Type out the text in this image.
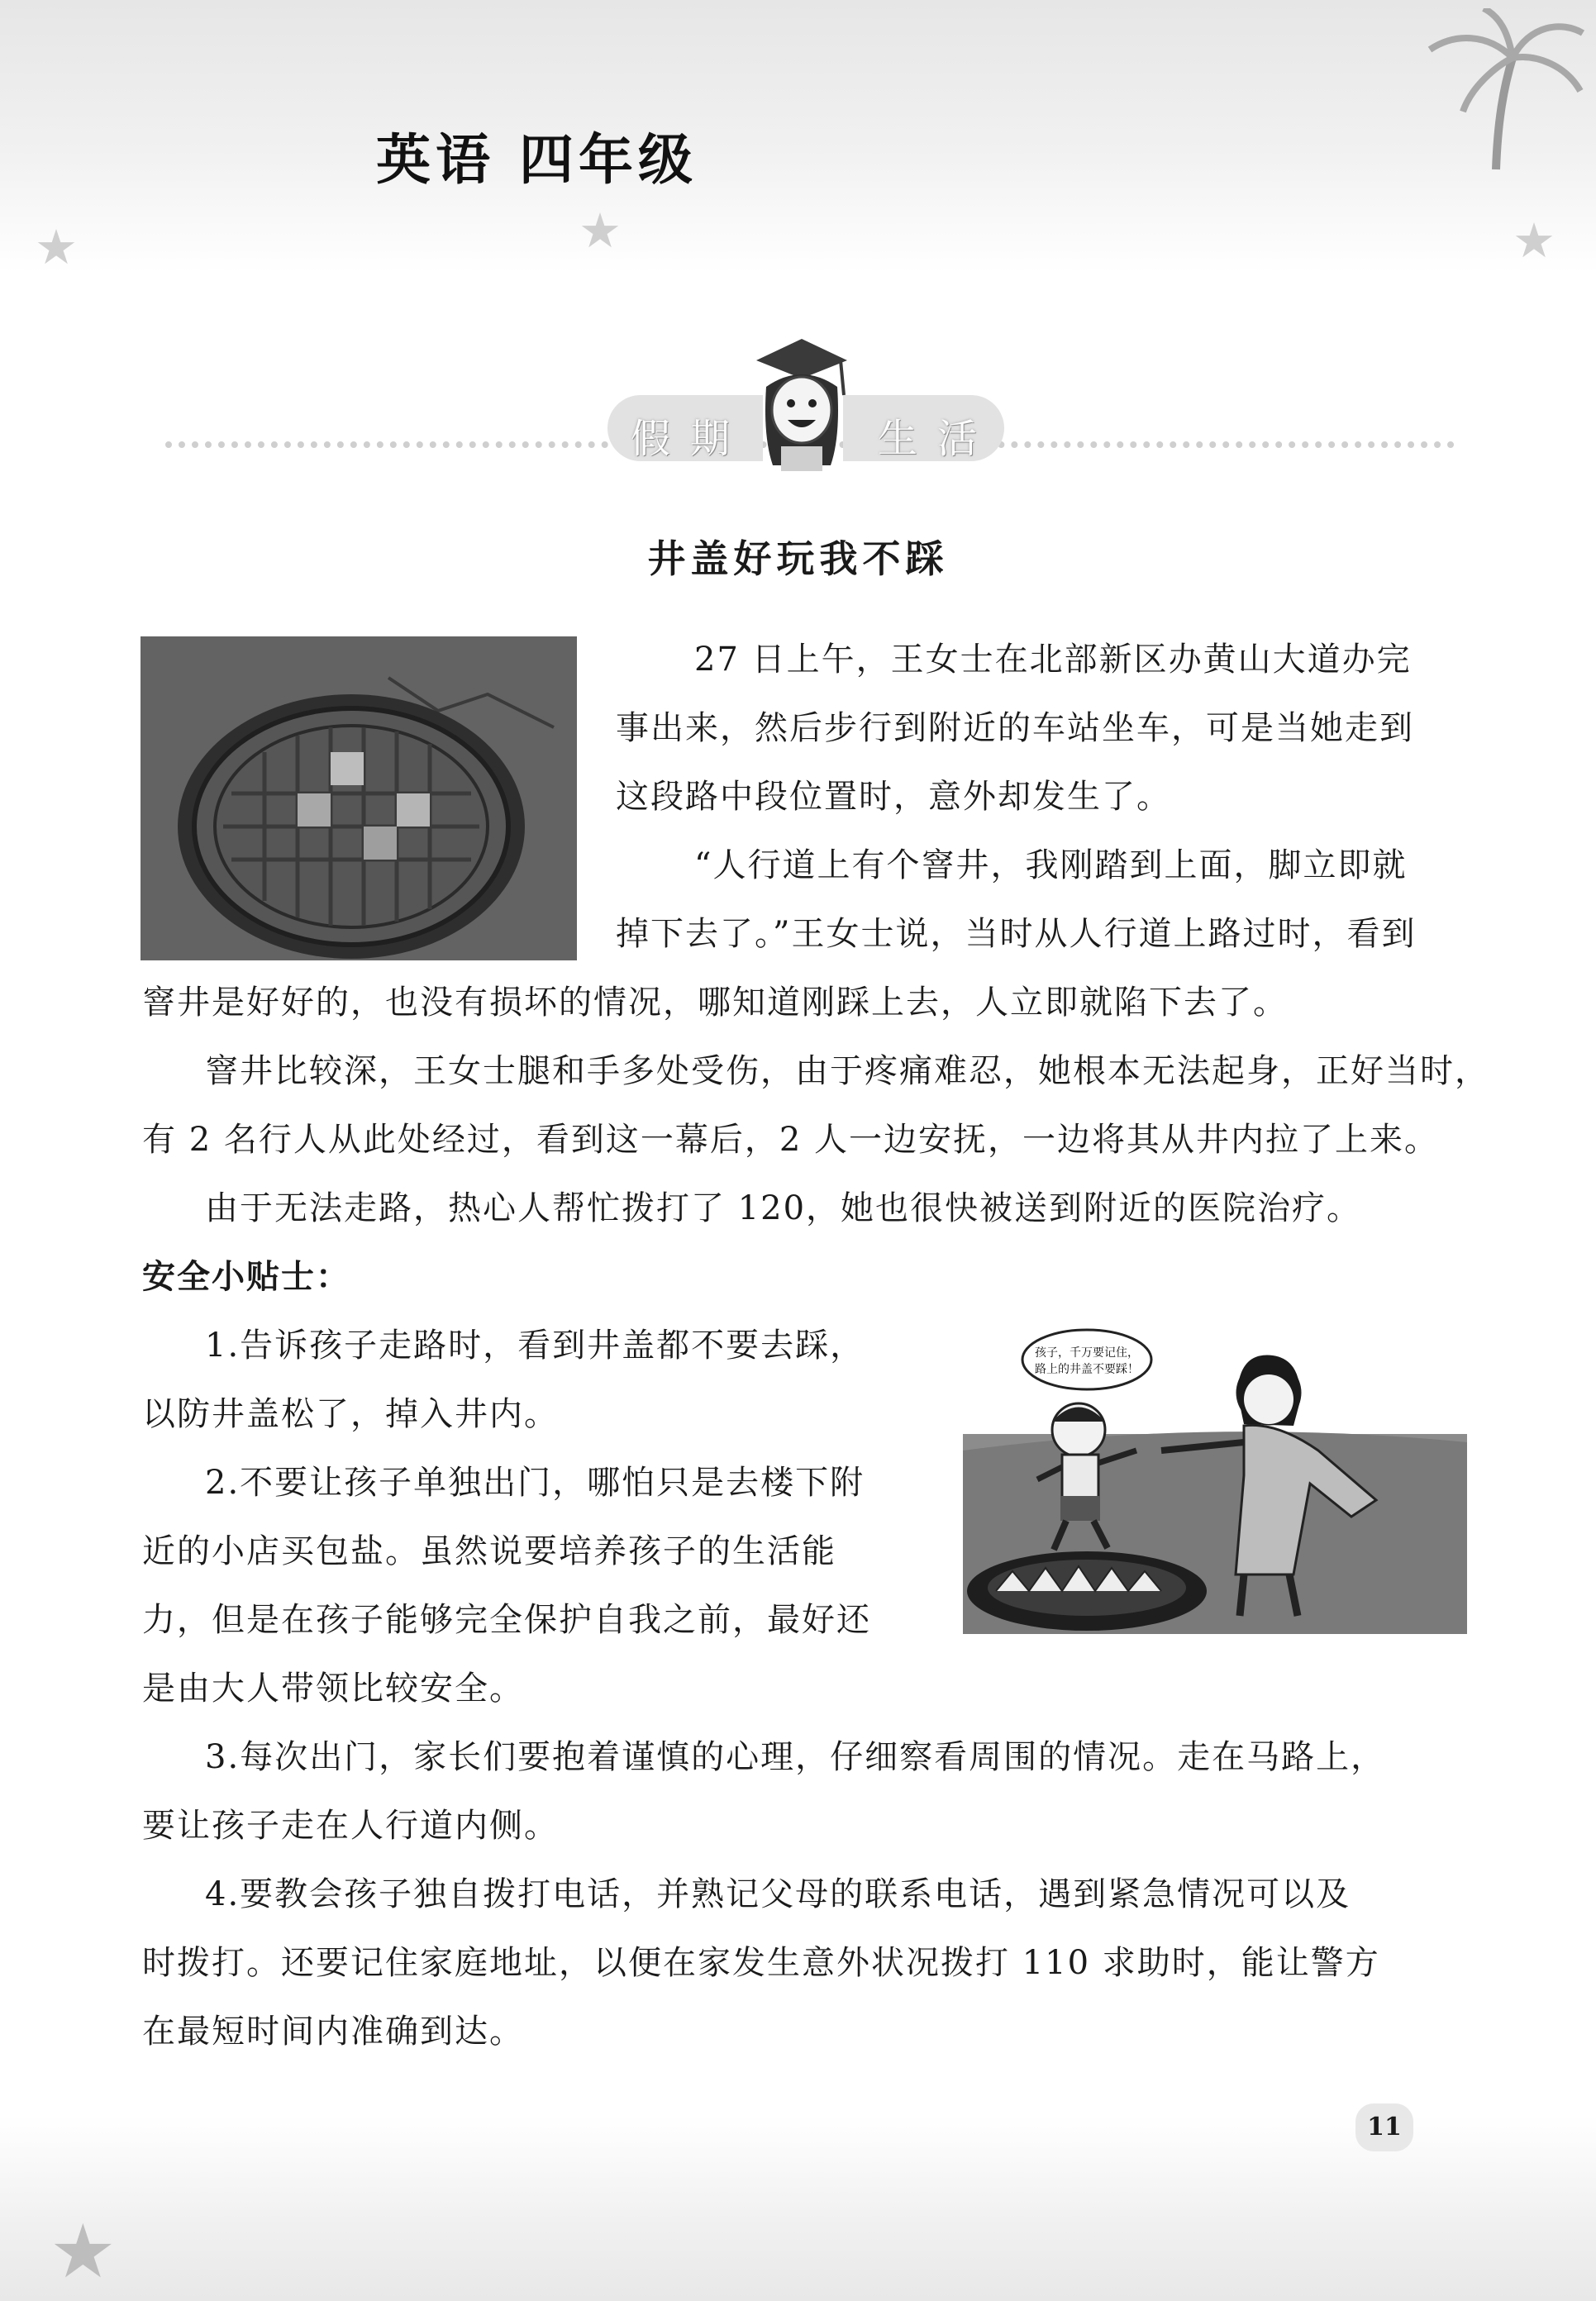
★	★	★
英语 四年级
假期	生活
井盖好玩我不踩

27 日上午，王女士在北部新区办黄山大道办完

事出来，然后步行到附近的车站坐车，可是当她走到

这段路中段位置时，意外却发生了。

“人行道上有个窨井，我刚踏到上面，脚立即就

掉下去了。”王女士说，当时从人行道上路过时，看到

窨井是好好的，也没有损坏的情况，哪知道刚踩上去，人立即就陷下去了。

窨井比较深，王女士腿和手多处受伤，由于疼痛难忍，她根本无法起身，正好当时，

有 2 名行人从此处经过，看到这一幕后，2 人一边安抚，一边将其从井内拉了上来。

由于无法走路，热心人帮忙拨打了 120，她也很快被送到附近的医院治疗。

安全小贴士：

1.告诉孩子走路时，看到井盖都不要去踩，

以防井盖松了，掉入井内。

2.不要让孩子单独出门，哪怕只是去楼下附

近的小店买包盐。虽然说要培养孩子的生活能

力，但是在孩子能够完全保护自我之前，最好还

是由大人带领比较安全。

3.每次出门，家长们要抱着谨慎的心理，仔细察看周围的情况。走在马路上，

要让孩子走在人行道内侧。

4.要教会孩子独自拨打电话，并熟记父母的联系电话，遇到紧急情况可以及

时拨打。还要记住家庭地址，以便在家发生意外状况拨打 110 求助时，能让警方

在最短时间内准确到达。

孩子，千万要记住，
路上的井盖不要踩！
★
11
